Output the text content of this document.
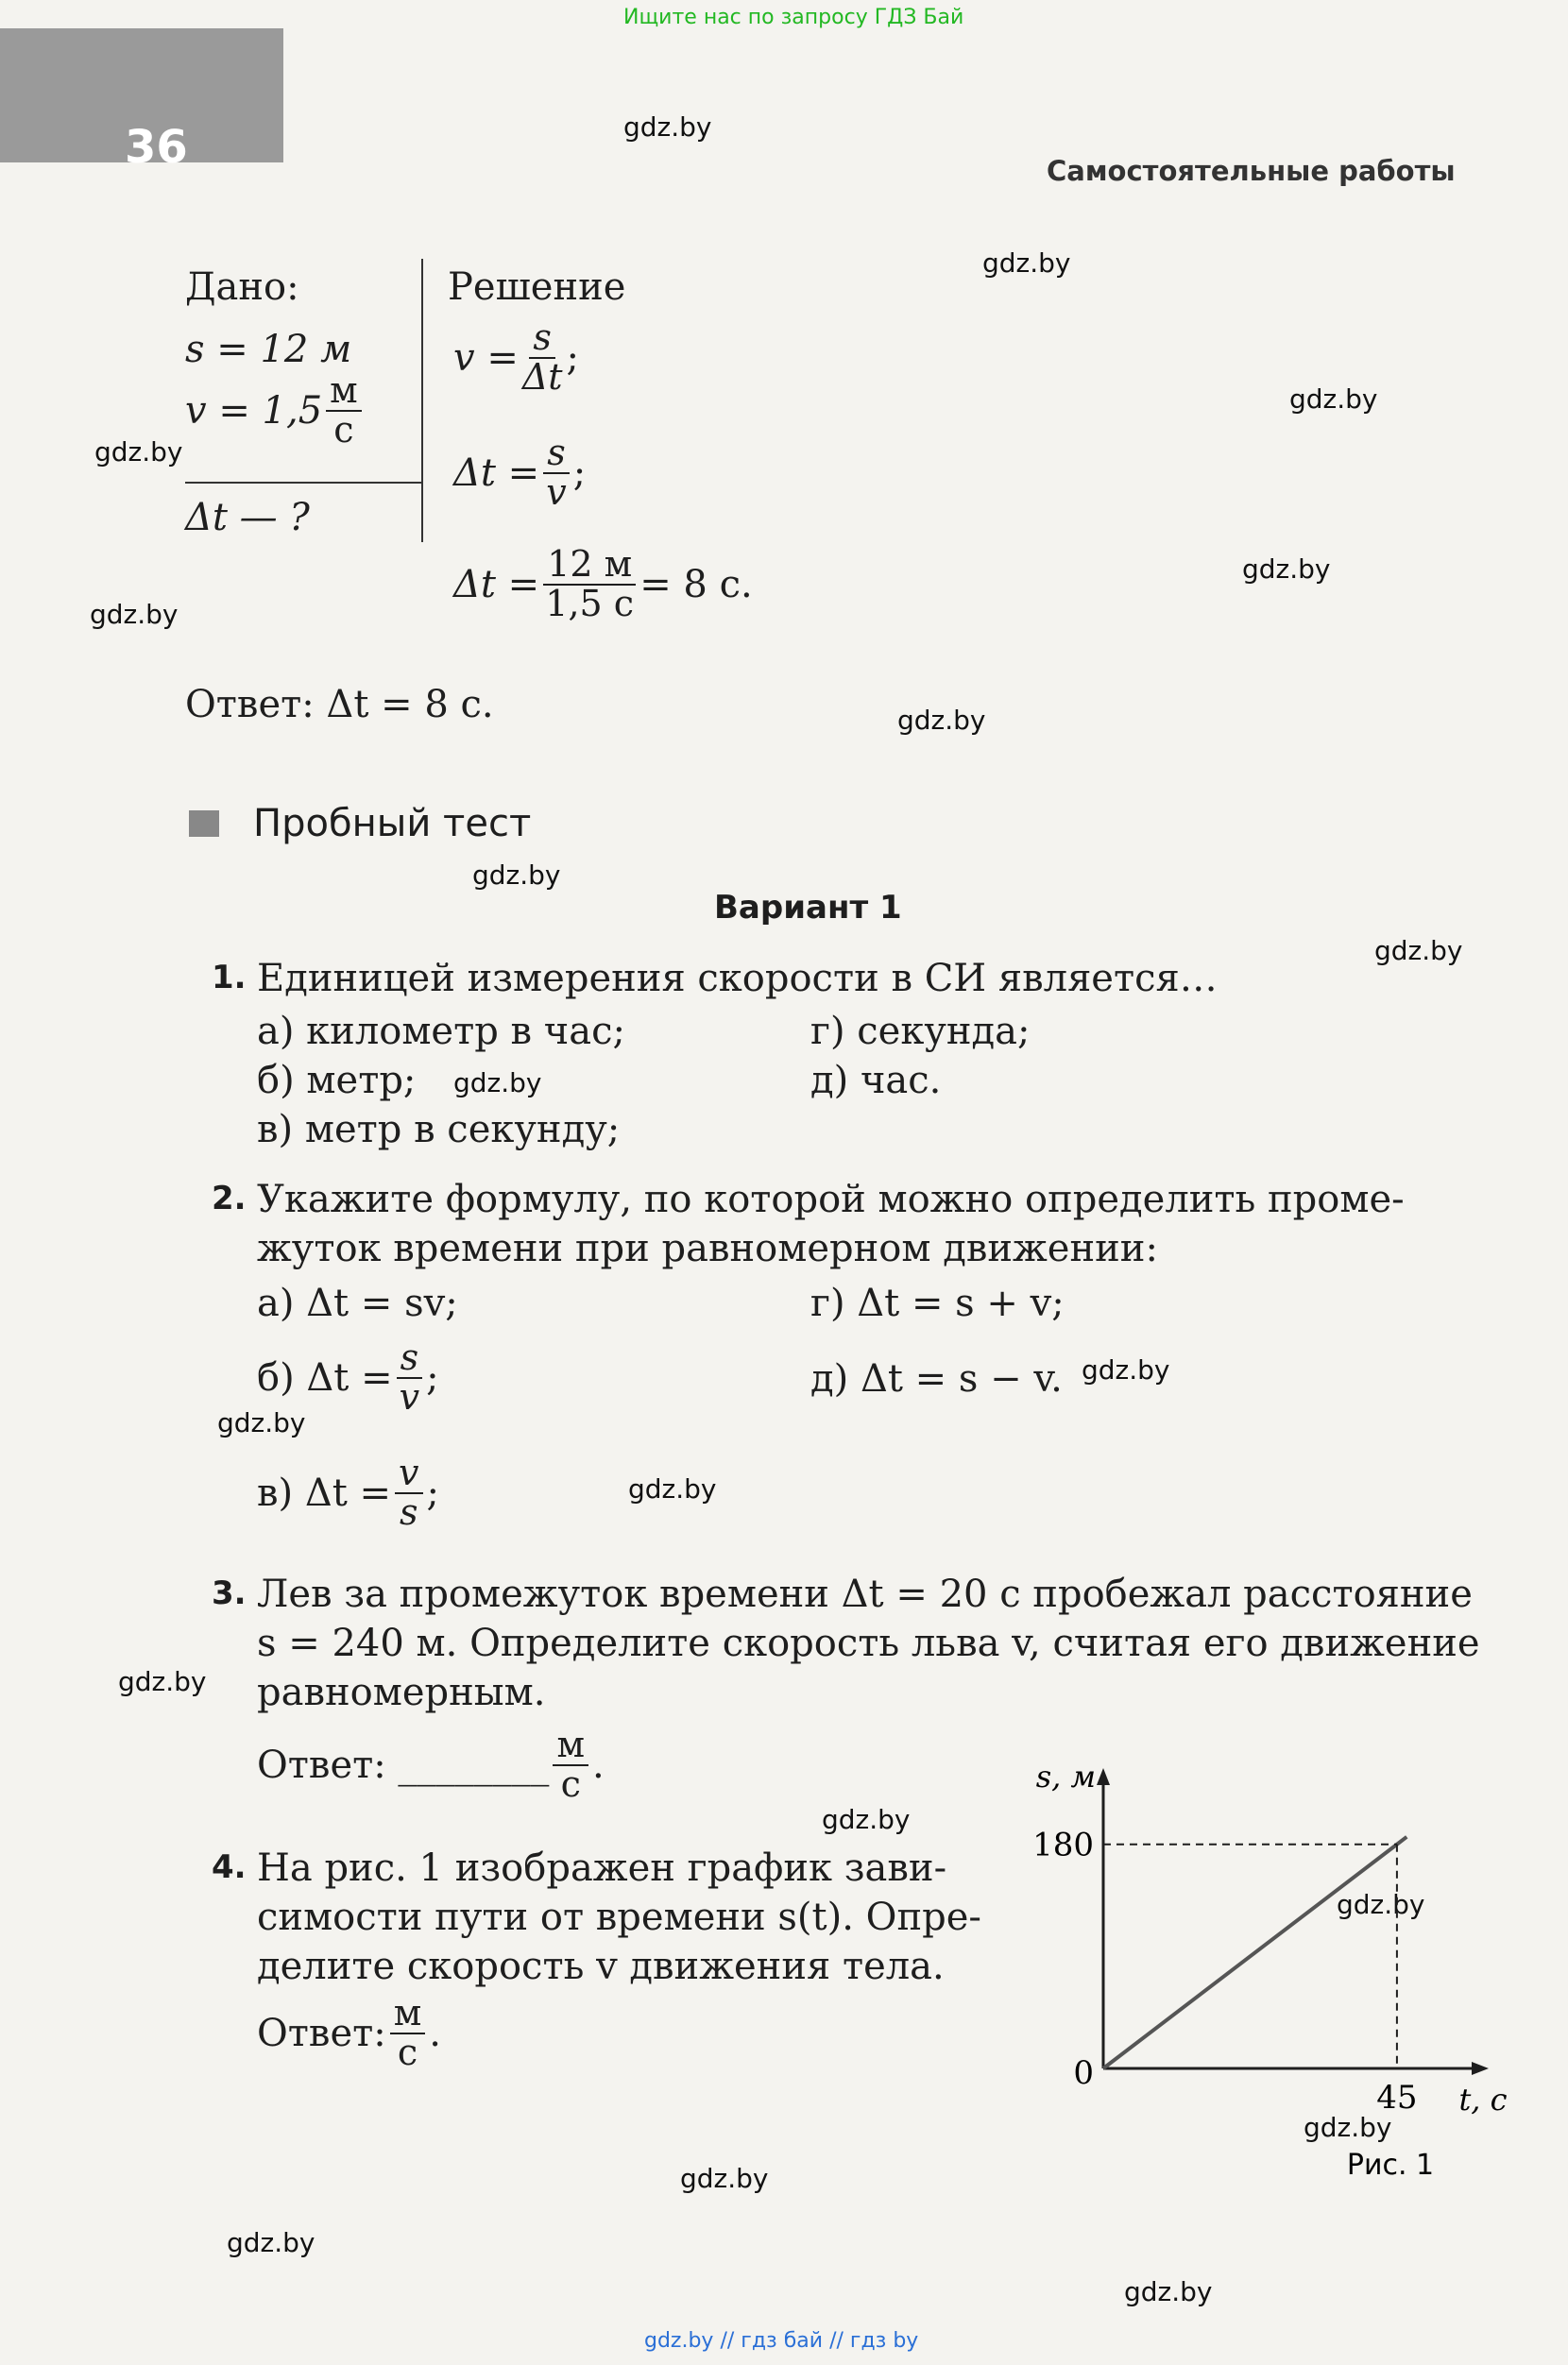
Ищите нас по запросу ГДЗ Бай
36	Самостоятельные работы
gdz.by
gdz.by
gdz.by
gdz.by
gdz.by
gdz.by
gdz.by
gdz.by
gdz.by
gdz.by
gdz.by
gdz.by
gdz.by
gdz.by
gdz.by
gdz.by
gdz.by
gdz.by
gdz.by
gdz.by
Дано:
s = 12 м
$v = 1,5 \frac{м}{с}$
Δt — ?
Решение
$v = \frac{s}{\Delta t}$ ;
$\Delta t = \frac{s}{v}$ ;
$\Delta t = \frac{12 м}{1,5 с} = 8$ с.
Ответ: Δt = 8 с.
Пробный тест
Вариант 1
1. Единицей измерения скорости в СИ является…
а) километр в час;
б) метр;
в) метр в секунду;
г) секунда;
д) час.
2. Укажите формулу, по которой можно определить проме-
жуток времени при равномерном движении:
а) Δt = sv;	г) Δt = s + v;
б) $\Delta t = \frac{s}{v}$ ;	д) Δt = s − v.
в) $\Delta t = \frac{v}{s}$ ;
3. Лев за промежуток времени Δt = 20 с пробежал расстояние
s = 240 м. Определите скорость льва v, считая его движение
равномерным.
Ответ: ________ $\frac{м}{с}$ .
4. На рис. 1 изображен график зави-
симости пути от времени s(t). Опре-
делите скорость v движения тела.
Ответ: $\frac{м}{с}$ .
180
0
45
s, м
t, с
Рис. 1
gdz.by // гдз бай // гдз by
